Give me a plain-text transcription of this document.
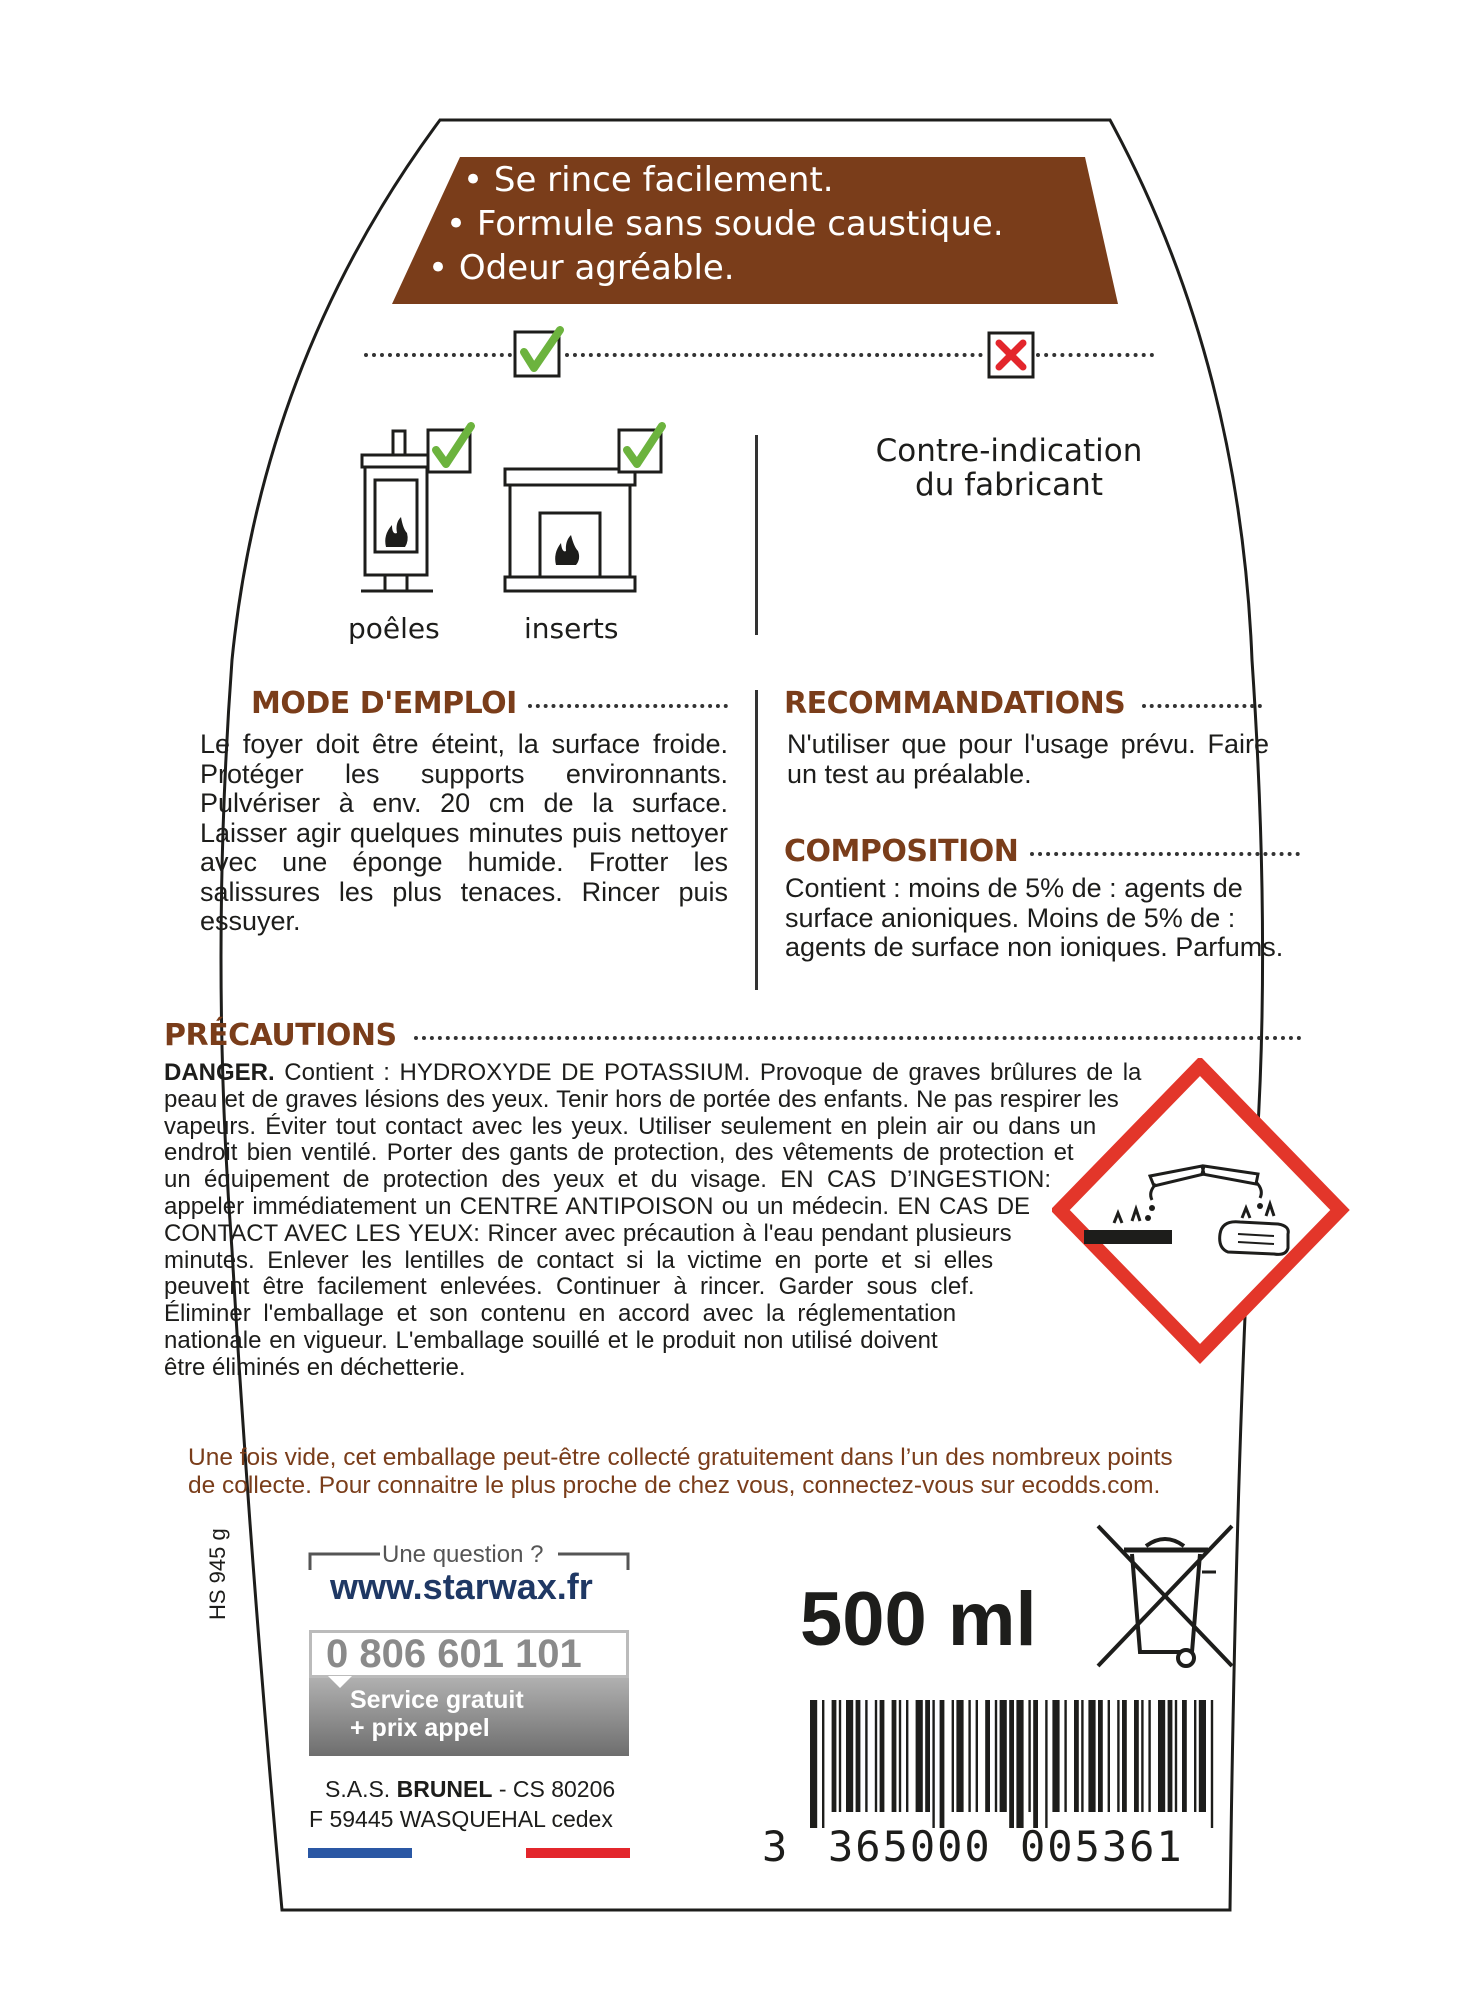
• Se rince facilement.
• Formule sans soude caustique.
• Odeur agréable.
poêles	inserts
Contre-indication
du fabricant
MODE D'EMPLOI
Le foyer doit être éteint, la surface froide. Protéger les supports environnants. Pulvériser à env. 20 cm de la surface. Laisser agir quelques minutes puis nettoyer avec une éponge humide. Frotter les salissures les plus tenaces. Rincer puis essuyer.
RECOMMANDATIONS
N'utiliser que pour l'usage prévu. Faire un test au préalable.
COMPOSITION
Contient : moins de 5% de : agents de surface anioniques. Moins de 5% de : agents de surface non ioniques. Parfums.
PRÉCAUTIONS
DANGER. Contient : HYDROXYDE DE POTASSIUM. Provoque de graves brûlures de la peau et de graves lésions des yeux. Tenir hors de portée des enfants. Ne pas respirer les vapeurs. Éviter tout contact avec les yeux. Utiliser seulement en plein air ou dans un endroit bien ventilé. Porter des gants de protection, des vêtements de protection et un équipement de protection des yeux et du visage. EN CAS D’INGESTION: appeler immédiatement un CENTRE ANTIPOISON ou un médecin. EN CAS DE CONTACT AVEC LES YEUX: Rincer avec précaution à l'eau pendant plusieurs minutes. Enlever les lentilles de contact si la victime en porte et si elles peuvent être facilement enlevées. Continuer à rincer. Garder sous clef. Éliminer l'emballage et son contenu en accord avec la réglementation nationale en vigueur. L'emballage souillé et le produit non utilisé doivent être éliminés en déchetterie.
Une fois vide, cet emballage peut-être collecté gratuitement dans l’un des nombreux points
de collecte. Pour connaitre le plus proche de chez vous, connectez-vous sur ecodds.com.
HS 945 g	Une question ?
www.starwax.fr
0 806 601 101
Service gratuit
+ prix appel
S.A.S. BRUNEL - CS 80206
F 59445 WASQUEHAL cedex
500 ml
3 365000 005361
